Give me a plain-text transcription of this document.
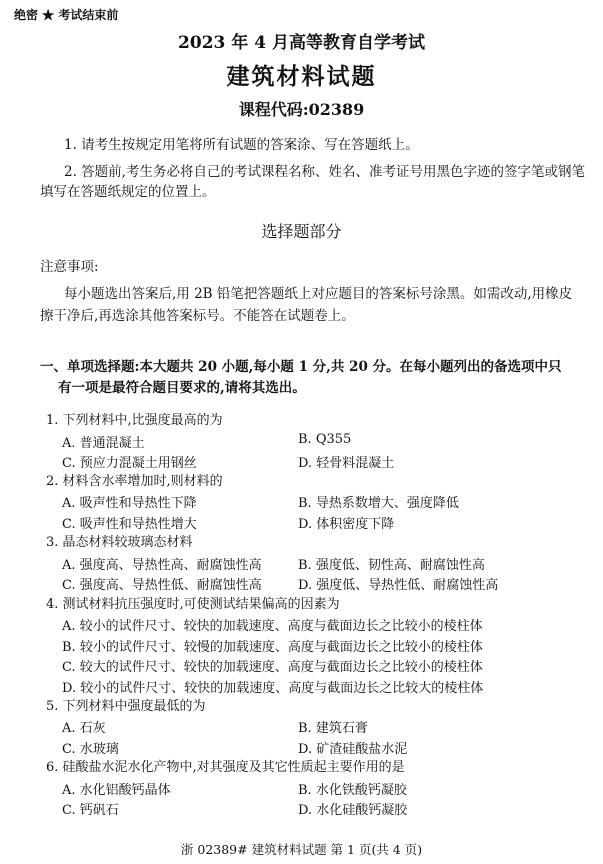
绝密 ★ 考试结束前
2023 年 4 月高等教育自学考试
建筑材料试题
课程代码:02389
1. 请考生按规定用笔将所有试题的答案涂、写在答题纸上。
2. 答题前,考生务必将自己的考试课程名称、姓名、准考证号用黑色字迹的签字笔或钢笔
填写在答题纸规定的位置上。
选择题部分
注意事项:
每小题选出答案后,用 2B 铅笔把答题纸上对应题目的答案标号涂黑。如需改动,用橡皮
擦干净后,再选涂其他答案标号。不能答在试题卷上。
一、单项选择题:本大题共 20 小题,每小题 1 分,共 20 分。在每小题列出的备选项中只
有一项是最符合题目要求的,请将其选出。
1. 下列材料中,比强度最高的为
A. 普通混凝土	B. Q355
C. 预应力混凝土用钢丝	D. 轻骨料混凝土
2. 材料含水率增加时,则材料的
A. 吸声性和导热性下降	B. 导热系数增大、强度降低
C. 吸声性和导热性增大	D. 体积密度下降
3. 晶态材料较玻璃态材料
A. 强度高、导热性高、耐腐蚀性高	B. 强度低、韧性高、耐腐蚀性高
C. 强度高、导热性低、耐腐蚀性高	D. 强度低、导热性低、耐腐蚀性高
4. 测试材料抗压强度时,可使测试结果偏高的因素为
A. 较小的试件尺寸、较快的加载速度、高度与截面边长之比较小的棱柱体
B. 较小的试件尺寸、较慢的加载速度、高度与截面边长之比较小的棱柱体
C. 较大的试件尺寸、较快的加载速度、高度与截面边长之比较小的棱柱体
D. 较小的试件尺寸、较快的加载速度、高度与截面边长之比较大的棱柱体
5. 下列材料中强度最低的为
A. 石灰	B. 建筑石膏
C. 水玻璃	D. 矿渣硅酸盐水泥
6. 硅酸盐水泥水化产物中,对其强度及其它性质起主要作用的是
A. 水化铝酸钙晶体	B. 水化铁酸钙凝胶
C. 钙矾石	D. 水化硅酸钙凝胶
浙 02389# 建筑材料试题 第 1 页(共 4 页)
